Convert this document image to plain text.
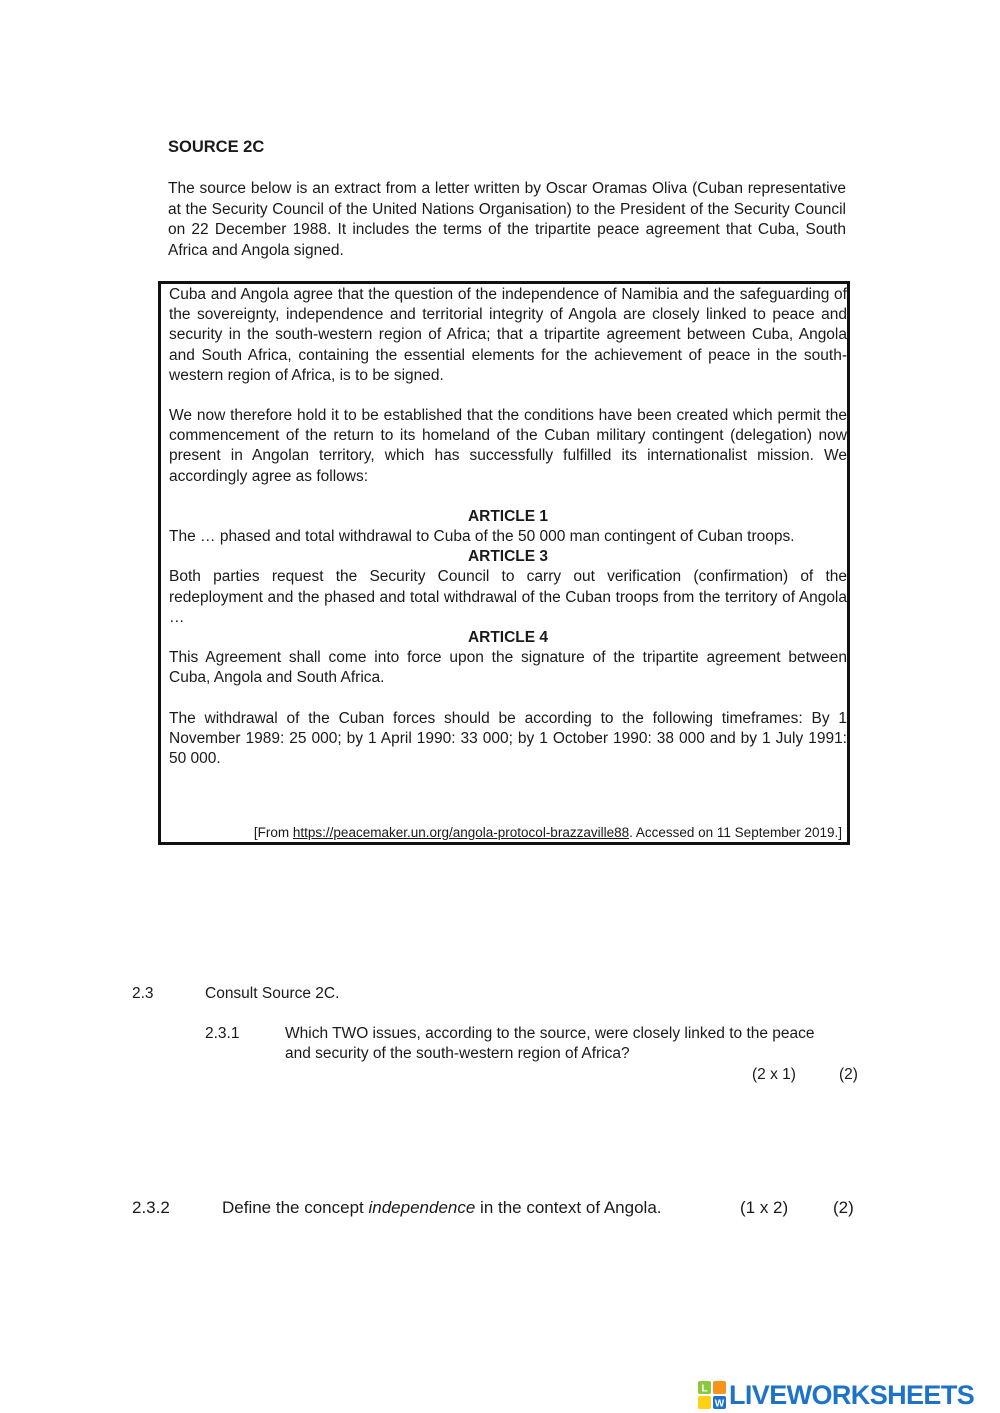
SOURCE 2C
The source below is an extract from a letter written by Oscar Oramas Oliva (Cuban representative at the Security Council of the United Nations Organisation) to the President of the Security Council on 22 December 1988. It includes the terms of the tripartite peace agreement that Cuba, South Africa and Angola signed.

Cuba and Angola agree that the question of the independence of Namibia and the safeguarding of the sovereignty, independence and territorial integrity of Angola are closely linked to peace and security in the south-western region of Africa; that a tripartite agreement between Cuba, Angola and South Africa, containing the essential elements for the achievement of peace in the south-western region of Africa, is to be signed.

We now therefore hold it to be established that the conditions have been created which permit the commencement of the return to its homeland of the Cuban military contingent (delegation) now present in Angolan territory, which has successfully fulfilled its internationalist mission. We accordingly agree as follows:

ARTICLE 1

The … phased and total withdrawal to Cuba of the 50 000 man contingent of Cuban troops.

ARTICLE 3

Both parties request the Security Council to carry out verification (confirmation) of the redeployment and the phased and total withdrawal of the Cuban troops from the territory of Angola …

ARTICLE 4

This Agreement shall come into force upon the signature of the tripartite agreement between Cuba, Angola and South Africa.

The withdrawal of the Cuban forces should be according to the following timeframes: By 1 November 1989: 25 000; by 1 April 1990: 33 000; by 1 October 1990: 38 000 and by 1 July 1991: 50 000.

[From https://peacemaker.un.org/angola-protocol-brazzaville88. Accessed on 11 September 2019.]
2.3	Consult Source 2C.
2.3.1	Which TWO issues, according to the source, were closely linked to the peace and security of the south-western region of Africa?
(2 x 1)	(2)
2.3.2	Define the concept independence in the context of Angola.	(1 x 2)	(2)
L
W LIVEWORKSHEETS
